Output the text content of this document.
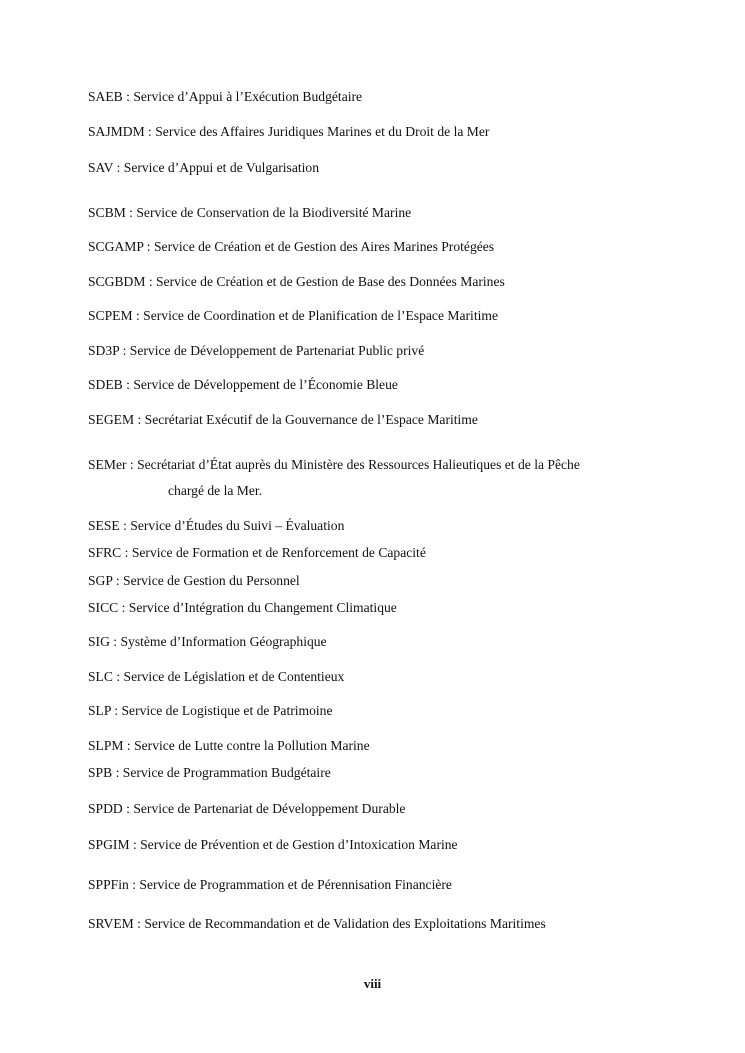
SAEB : Service d’Appui à l’Exécution Budgétaire
SAJMDM : Service des Affaires Juridiques Marines et du Droit de la Mer
SAV : Service d’Appui et de Vulgarisation
SCBM : Service de Conservation de la Biodiversité Marine
SCGAMP : Service de Création et de Gestion des Aires Marines Protégées
SCGBDM : Service de Création et de Gestion de Base des Données Marines
SCPEM : Service de Coordination et de Planification de l’Espace Maritime
SD3P : Service de Développement de Partenariat Public privé
SDEB : Service de Développement de l’Économie Bleue
SEGEM : Secrétariat Exécutif de la Gouvernance de l’Espace Maritime
SEMer : Secrétariat d’État auprès du Ministère des Ressources Halieutiques et de la Pêche
chargé de la Mer.
SESE : Service d’Études du Suivi – Évaluation
SFRC : Service de Formation et de Renforcement de Capacité
SGP : Service de Gestion du Personnel
SICC : Service d’Intégration du Changement Climatique
SIG : Système d’Information Géographique
SLC : Service de Législation et de Contentieux
SLP : Service de Logistique et de Patrimoine
SLPM : Service de Lutte contre la Pollution Marine
SPB : Service de Programmation Budgétaire
SPDD : Service de Partenariat de Développement Durable
SPGIM : Service de Prévention et de Gestion d’Intoxication Marine
SPPFin : Service de Programmation et de Pérennisation Financière
SRVEM : Service de Recommandation et de Validation des Exploitations Maritimes
viii
